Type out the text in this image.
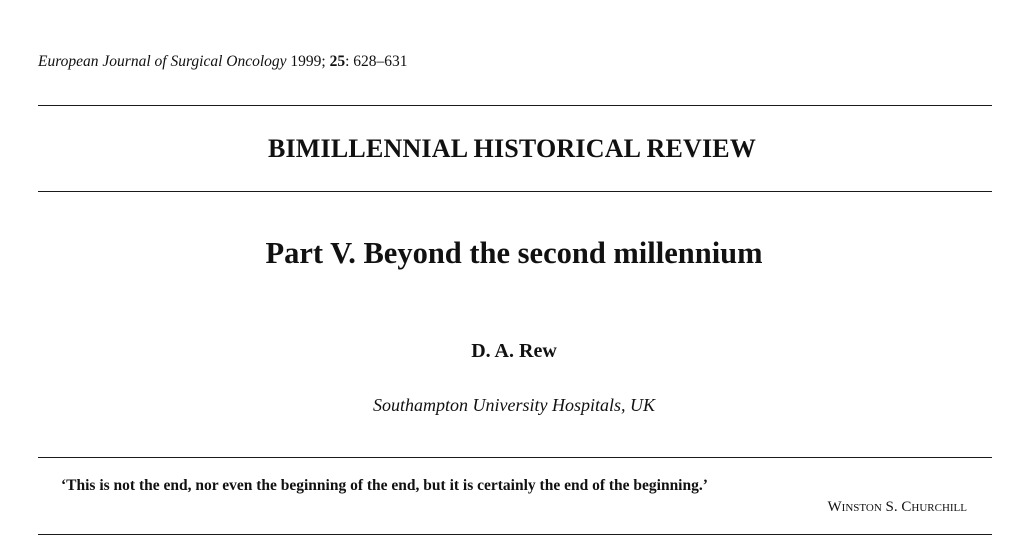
European Journal of Surgical Oncology 1999; 25: 628–631
BIMILLENNIAL HISTORICAL REVIEW
Part V. Beyond the second millennium
D. A. Rew
Southampton University Hospitals, UK
‘This is not the end, nor even the beginning of the end, but it is certainly the end of the beginning.’
Winston S. Churchill
